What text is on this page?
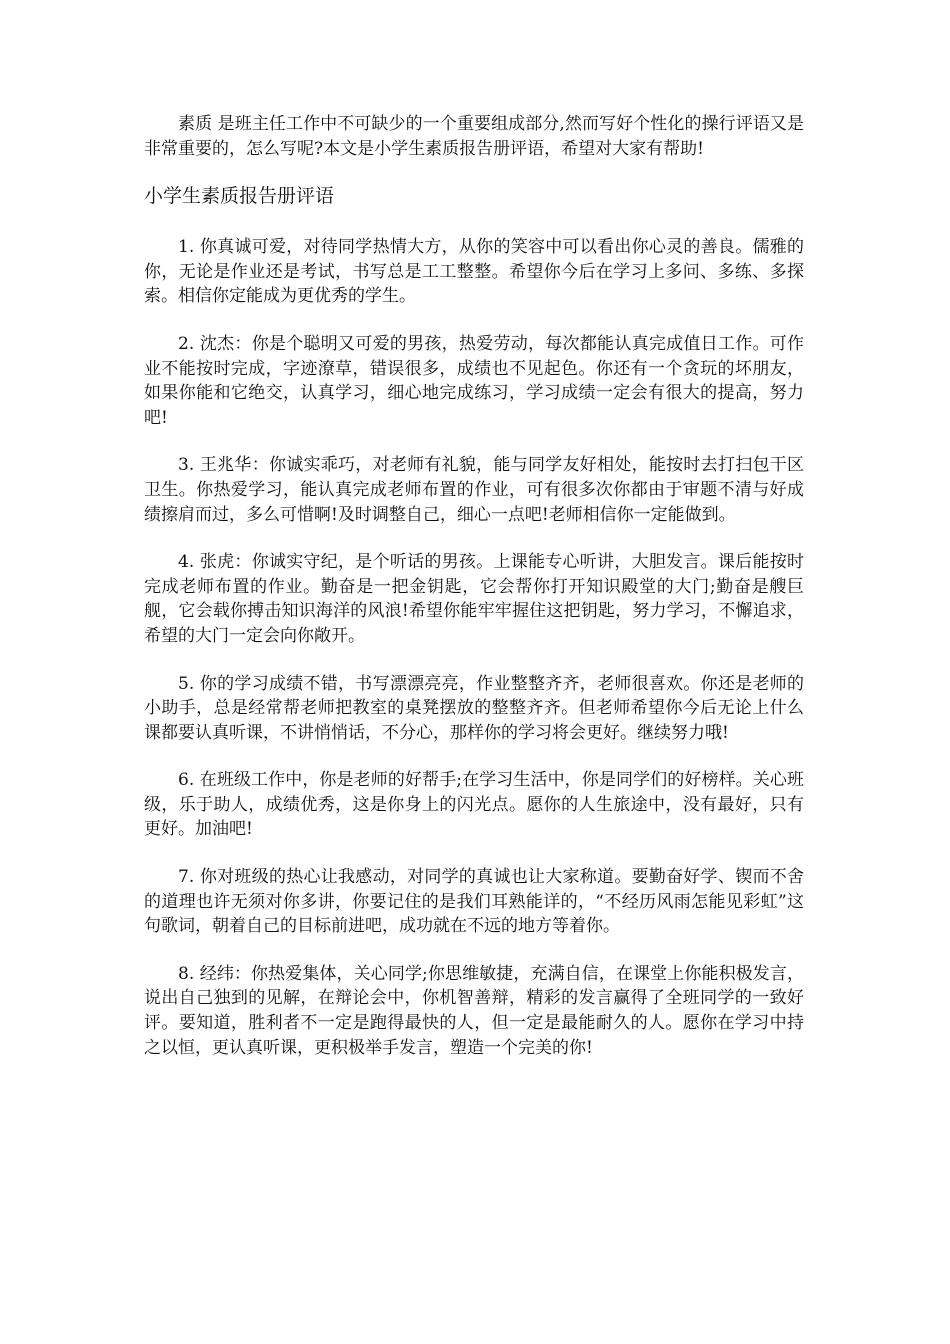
素质 是班主任工作中不可缺少的一个重要组成部分,然而写好个性化的操行评语又是非常重要的，怎么写呢?本文是小学生素质报告册评语，希望对大家有帮助!

小学生素质报告册评语

1. 你真诚可爱，对待同学热情大方，从你的笑容中可以看出你心灵的善良。儒雅的你，无论是作业还是考试，书写总是工工整整。希望你今后在学习上多问、多练、多探索。相信你定能成为更优秀的学生。

2. 沈杰：你是个聪明又可爱的男孩，热爱劳动，每次都能认真完成值日工作。可作业不能按时完成，字迹潦草，错误很多，成绩也不见起色。你还有一个贪玩的坏朋友，如果你能和它绝交，认真学习，细心地完成练习，学习成绩一定会有很大的提高，努力吧!

3. 王兆华：你诚实乖巧，对老师有礼貌，能与同学友好相处，能按时去打扫包干区卫生。你热爱学习，能认真完成老师布置的作业，可有很多次你都由于审题不清与好成绩擦肩而过，多么可惜啊!及时调整自己，细心一点吧!老师相信你一定能做到。

4. 张虎：你诚实守纪，是个听话的男孩。上课能专心听讲，大胆发言。课后能按时完成老师布置的作业。勤奋是一把金钥匙，它会帮你打开知识殿堂的大门;勤奋是艘巨舰，它会载你搏击知识海洋的风浪!希望你能牢牢握住这把钥匙，努力学习，不懈追求，希望的大门一定会向你敞开。

5. 你的学习成绩不错，书写漂漂亮亮，作业整整齐齐，老师很喜欢。你还是老师的小助手，总是经常帮老师把教室的桌凳摆放的整整齐齐。但老师希望你今后无论上什么课都要认真听课，不讲悄悄话，不分心，那样你的学习将会更好。继续努力哦!

6. 在班级工作中，你是老师的好帮手;在学习生活中，你是同学们的好榜样。关心班级，乐于助人，成绩优秀，这是你身上的闪光点。愿你的人生旅途中，没有最好，只有更好。加油吧!

7. 你对班级的热心让我感动，对同学的真诚也让大家称道。要勤奋好学、锲而不舍的道理也许无须对你多讲，你要记住的是我们耳熟能详的，“不经历风雨怎能见彩虹”这句歌词，朝着自己的目标前进吧，成功就在不远的地方等着你。

8. 经纬：你热爱集体，关心同学;你思维敏捷，充满自信，在课堂上你能积极发言，说出自己独到的见解，在辩论会中，你机智善辩，精彩的发言赢得了全班同学的一致好评。要知道，胜利者不一定是跑得最快的人，但一定是最能耐久的人。愿你在学习中持之以恒，更认真听课，更积极举手发言，塑造一个完美的你!
